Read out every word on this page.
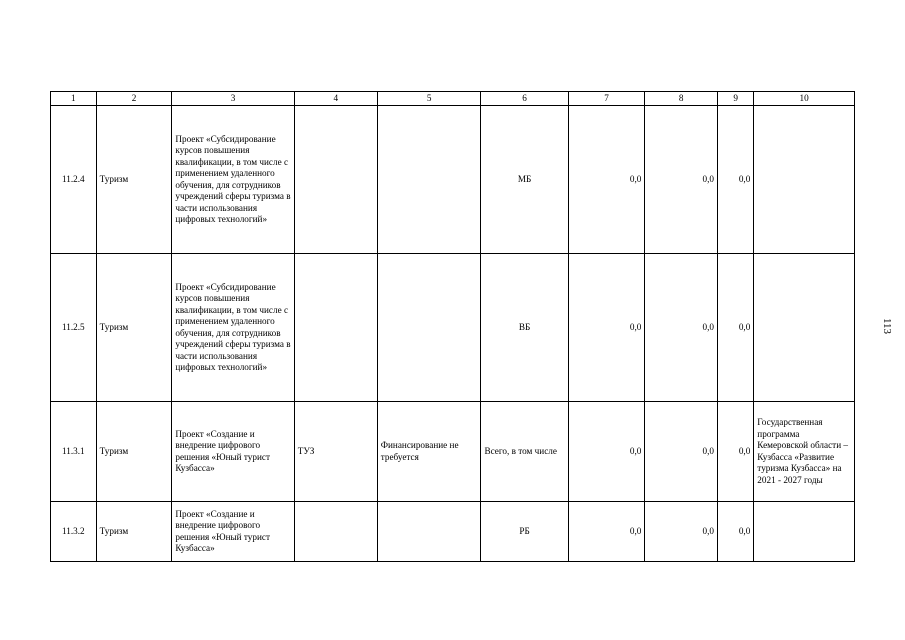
1	2	3	4	5	6	7	8	9	10
11.2.4	Туризм	Проект «Субсидирование курсов повышения квалификации, в том числе с применением удаленного обучения, для сотрудников учреждений сферы туризма в части использования цифровых технологий»			МБ	0,0	0,0	0,0	
11.2.5	Туризм	Проект «Субсидирование курсов повышения квалификации, в том числе с применением удаленного обучения, для сотрудников учреждений сферы туризма в части использования цифровых технологий»			ВБ	0,0	0,0	0,0	
11.3.1	Туризм	Проект «Создание и внедрение цифрового решения «Юный турист Кузбасса»	ТУЗ	Финансирование не требуется	Всего, в том числе	0,0	0,0	0,0	Государственная программа Кемеровской области – Кузбасса «Развитие туризма Кузбасса» на 2021 - 2027 годы
11.3.2	Туризм	Проект «Создание и внедрение цифрового решения «Юный турист Кузбасса»			РБ	0,0	0,0	0,0	
113
